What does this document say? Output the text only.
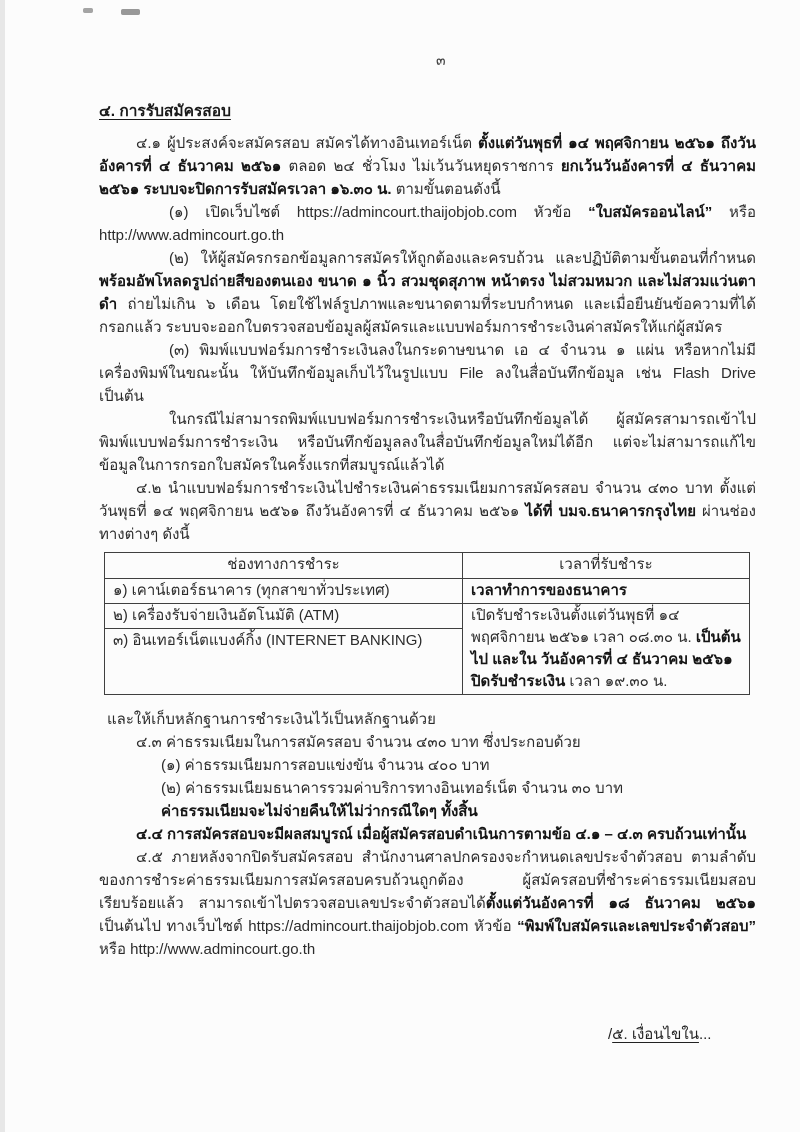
๓
๔. การรับสมัครสอบ

๔.๑ ผู้ประสงค์จะสมัครสอบ สมัครได้ทางอินเทอร์เน็ต ตั้งแต่วันพุธที่ ๑๔ พฤศจิกายน ๒๕๖๑ ถึงวันอังคารที่ ๔ ธันวาคม ๒๕๖๑ ตลอด ๒๔ ชั่วโมง ไม่เว้นวันหยุดราชการ ยกเว้นวันอังคารที่ ๔ ธันวาคม ๒๕๖๑ ระบบจะปิดการรับสมัครเวลา ๑๖.๓๐ น. ตามขั้นตอนดังนี้

(๑) เปิดเว็บไซต์ https://admincourt.thaijobjob.com หัวข้อ “ใบสมัครออนไลน์” หรือ http://www.admincourt.go.th

(๒) ให้ผู้สมัครกรอกข้อมูลการสมัครให้ถูกต้องและครบถ้วน และปฏิบัติตามขั้นตอนที่กำหนด พร้อมอัพโหลดรูปถ่ายสีของตนเอง ขนาด ๑ นิ้ว สวมชุดสุภาพ หน้าตรง ไม่สวมหมวก และไม่สวมแว่นตาดำ ถ่ายไม่เกิน ๖ เดือน โดยใช้ไฟล์รูปภาพและขนาดตามที่ระบบกำหนด และเมื่อยืนยันข้อความที่ได้กรอกแล้ว ระบบจะออกใบตรวจสอบข้อมูลผู้สมัครและแบบฟอร์มการชำระเงินค่าสมัครให้แก่ผู้สมัคร

(๓) พิมพ์แบบฟอร์มการชำระเงินลงในกระดาษขนาด เอ ๔ จำนวน ๑ แผ่น หรือหากไม่มีเครื่องพิมพ์ในขณะนั้น ให้บันทึกข้อมูลเก็บไว้ในรูปแบบ File ลงในสื่อบันทึกข้อมูล เช่น Flash Drive เป็นต้น

ในกรณีไม่สามารถพิมพ์แบบฟอร์มการชำระเงินหรือบันทึกข้อมูลได้ ผู้สมัครสามารถเข้าไปพิมพ์แบบฟอร์มการชำระเงิน หรือบันทึกข้อมูลลงในสื่อบันทึกข้อมูลใหม่ได้อีก แต่จะไม่สามารถแก้ไขข้อมูลในการกรอกใบสมัครในครั้งแรกที่สมบูรณ์แล้วได้

๔.๒ นำแบบฟอร์มการชำระเงินไปชำระเงินค่าธรรมเนียมการสมัครสอบ จำนวน ๔๓๐ บาท ตั้งแต่วันพุธที่ ๑๔ พฤศจิกายน ๒๕๖๑ ถึงวันอังคารที่ ๔ ธันวาคม ๒๕๖๑ ได้ที่ บมจ.ธนาคารกรุงไทย ผ่านช่องทางต่างๆ ดังนี้

ช่องทางการชำระ	เวลาที่รับชำระ
๑) เคาน์เตอร์ธนาคาร (ทุกสาขาทั่วประเทศ)	เวลาทำการของธนาคาร
๒) เครื่องรับจ่ายเงินอัตโนมัติ (ATM)	เปิดรับชำระเงินตั้งแต่วันพุธที่ ๑๔ พฤศจิกายน ๒๕๖๑ เวลา ๐๘.๓๐ น. เป็นต้นไป และใน วันอังคารที่ ๔ ธันวาคม ๒๕๖๑ ปิดรับชำระเงิน เวลา ๑๙.๓๐ น.
๓) อินเทอร์เน็ตแบงค์กิ้ง (INTERNET BANKING)	

และให้เก็บหลักฐานการชำระเงินไว้เป็นหลักฐานด้วย

๔.๓ ค่าธรรมเนียมในการสมัครสอบ จำนวน ๔๓๐ บาท ซึ่งประกอบด้วย

(๑) ค่าธรรมเนียมการสอบแข่งขัน จำนวน ๔๐๐ บาท

(๒) ค่าธรรมเนียมธนาคารรวมค่าบริการทางอินเทอร์เน็ต จำนวน ๓๐ บาท

ค่าธรรมเนียมจะไม่จ่ายคืนให้ไม่ว่ากรณีใดๆ ทั้งสิ้น

๔.๔ การสมัครสอบจะมีผลสมบูรณ์ เมื่อผู้สมัครสอบดำเนินการตามข้อ ๔.๑ – ๔.๓ ครบถ้วนเท่านั้น

๔.๕ ภายหลังจากปิดรับสมัครสอบ สำนักงานศาลปกครองจะกำหนดเลขประจำตัวสอบ ตามลำดับของการชำระค่าธรรมเนียมการสมัครสอบครบถ้วนถูกต้อง ผู้สมัครสอบที่ชำระค่าธรรมเนียมสอบ เรียบร้อยแล้ว สามารถเข้าไปตรวจสอบเลขประจำตัวสอบได้ตั้งแต่วันอังคารที่ ๑๘ ธันวาคม ๒๕๖๑ เป็นต้นไป ทางเว็บไซต์ https://admincourt.thaijobjob.com หัวข้อ “พิมพ์ใบสมัครและเลขประจำตัวสอบ” หรือ http://www.admincourt.go.th

/๕. เงื่อนไขใน...
